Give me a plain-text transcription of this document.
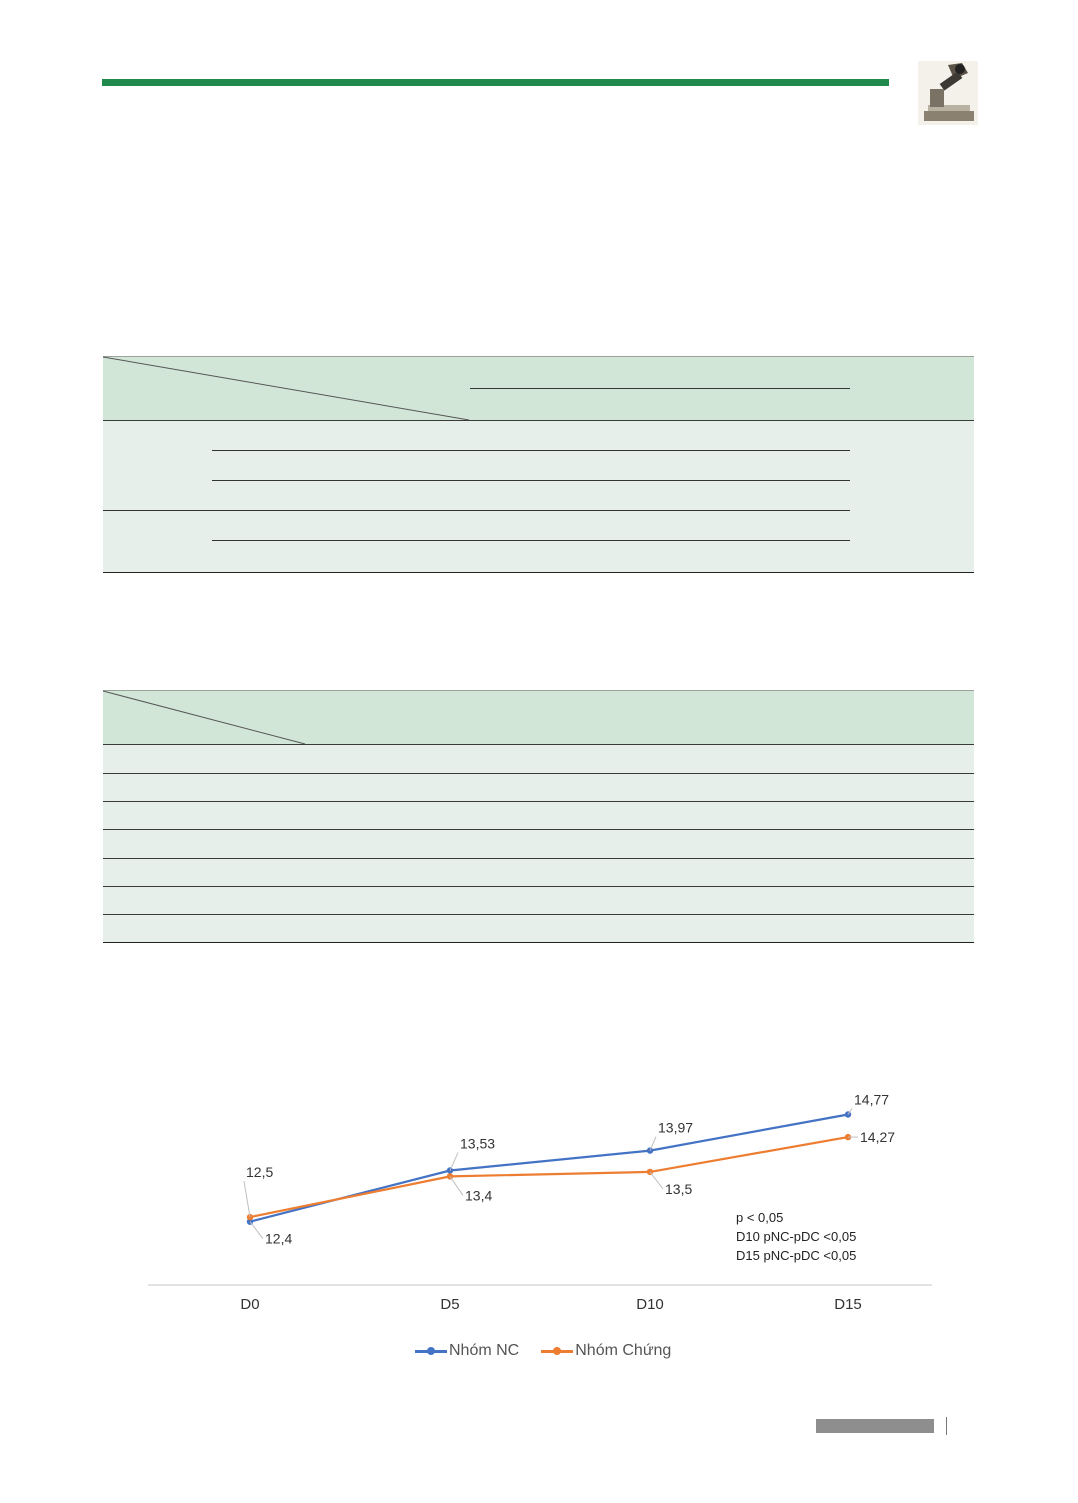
D0	D5	D10	D15
12,4
13,53
13,97
14,77
12,5
13,4	13,5
14,27
p < 0,05
D10 pNC-pDC <0,05
D15 pNC-pDC <0,05
Nhóm NC	Nhóm Chứng
